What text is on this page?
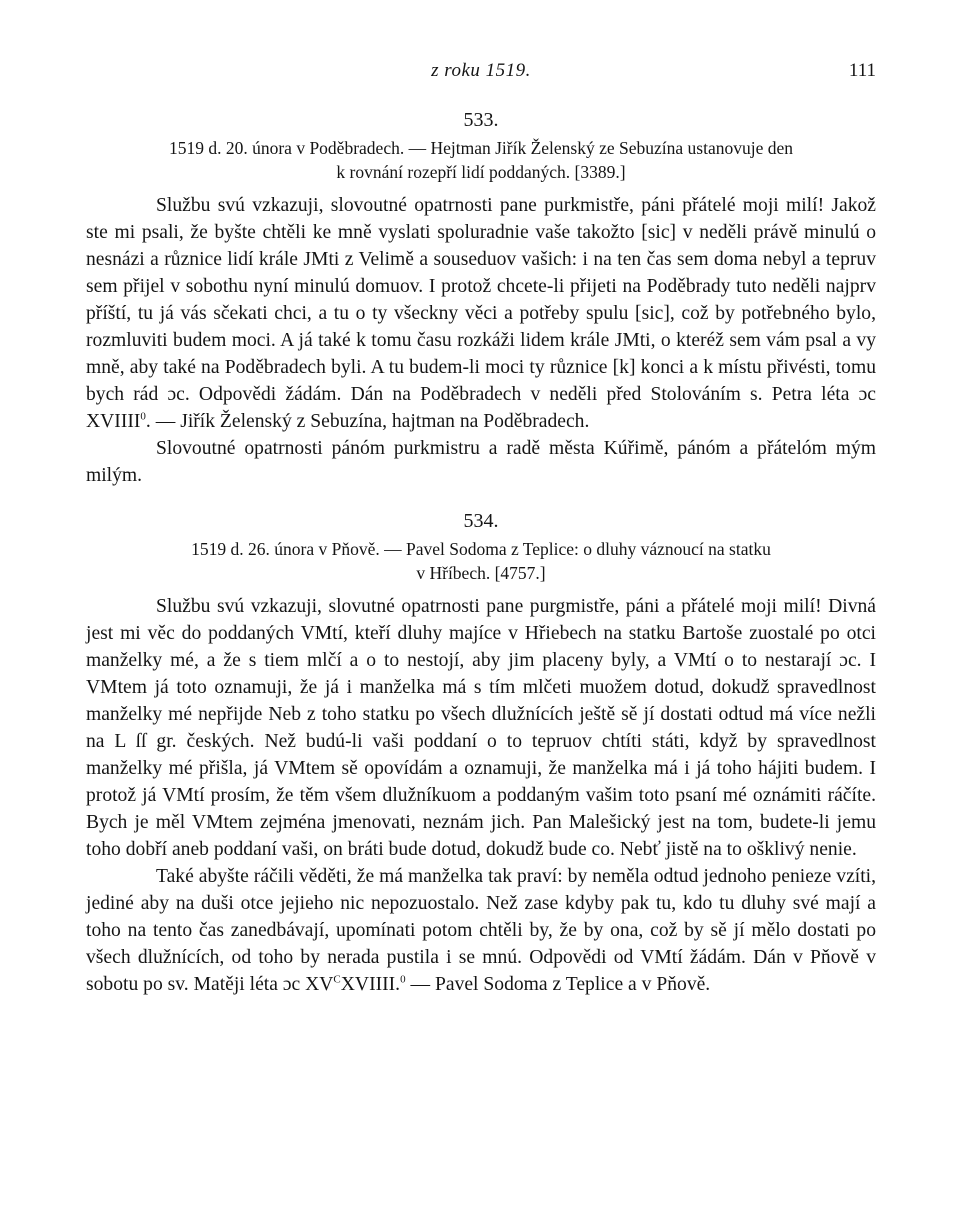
z roku 1519.	111
533.
1519 d. 20. února v Poděbradech. — Hejtman Jiřík Želenský ze Sebuzína ustanovuje den
k rovnání rozepří lidí poddaných. [3389.]

Službu svú vzkazuji, slovoutné opatrnosti pane purkmistře, páni přátelé moji milí! Jakož ste mi psali, že byšte chtěli ke mně vyslati spoluradnie vaše takožto [sic] v neděli právě minulú o nesnázi a různice lidí krále JMti z Velimě a souseduov vašich: i na ten čas sem doma nebyl a tepruv sem přijel v sobothu nyní minulú domuov. I protož chcete-li přijeti na Poděbrady tuto neděli najprv příští, tu já vás sčekati chci, a tu o ty všeckny věci a potřeby spulu [sic], což by potřebného bylo, rozmluviti budem moci. A já také k tomu času rozkáži lidem krále JMti, o kteréž sem vám psal a vy mně, aby také na Poděbradech byli. A tu budem-li moci ty různice [k] konci a k místu přivésti, tomu bych rád ɔc. Odpovědi žádám. Dán na Poděbradech v neděli před Stolováním s. Petra léta ɔc XVIIII$^0$. — Jiřík Želenský z Sebuzína, hajtman na Poděbradech.

Slovoutné opatrnosti pánóm purkmistru a radě města Kúřimě, pánóm a přátelóm mým milým.

534.
1519 d. 26. února v Pňově. — Pavel Sodoma z Teplice: o dluhy váznoucí na statku
v Hříbech. [4757.]

Službu svú vzkazuji, slovutné opatrnosti pane purgmistře, páni a přátelé moji milí! Divná jest mi věc do poddaných VMtí, kteří dluhy majíce v Hřiebech na statku Bartoše zuostalé po otci manželky mé, a že s tiem mlčí a o to nestojí, aby jim placeny byly, a VMtí o to nestarají ɔc. I VMtem já toto oznamuji, že já i manželka má s tím mlčeti muožem dotud, dokudž spravedlnost manželky mé nepřijde Neb z toho statku po všech dlužnících ještě sě jí dostati odtud má více nežli na L ſſ gr. českých. Než budú-li vaši poddaní o to tepruov chtíti státi, když by spravedlnost manželky mé přišla, já VMtem sě opovídám a oznamuji, že manželka má i já toho hájiti budem. I protož já VMtí prosím, že těm všem dlužníkuom a poddaným vašim toto psaní mé oznámiti ráčíte. Bych je měl VMtem zejména jmenovati, neznám jich. Pan Malešický jest na tom, budete-li jemu toho dobří aneb poddaní vaši, on bráti bude dotud, dokudž bude co. Nebť jistě na to ošklivý nenie.

Také abyšte ráčili věděti, že má manželka tak praví: by neměla odtud jednoho penieze vzíti, jediné aby na duši otce jejieho nic nepozuostalo. Než zase kdyby pak tu, kdo tu dluhy své mají a toho na tento čas zanedbávají, upomínati potom chtěli by, že by ona, což by sě jí mělo dostati po všech dlužnících, od toho by nerada pustila i se mnú. Odpovědi od VMtí žádám. Dán v Pňově v sobotu po sv. Matěji léta ɔc $XV^CXVIIII.^0$ — Pavel Sodoma z Teplice a v Pňově.
